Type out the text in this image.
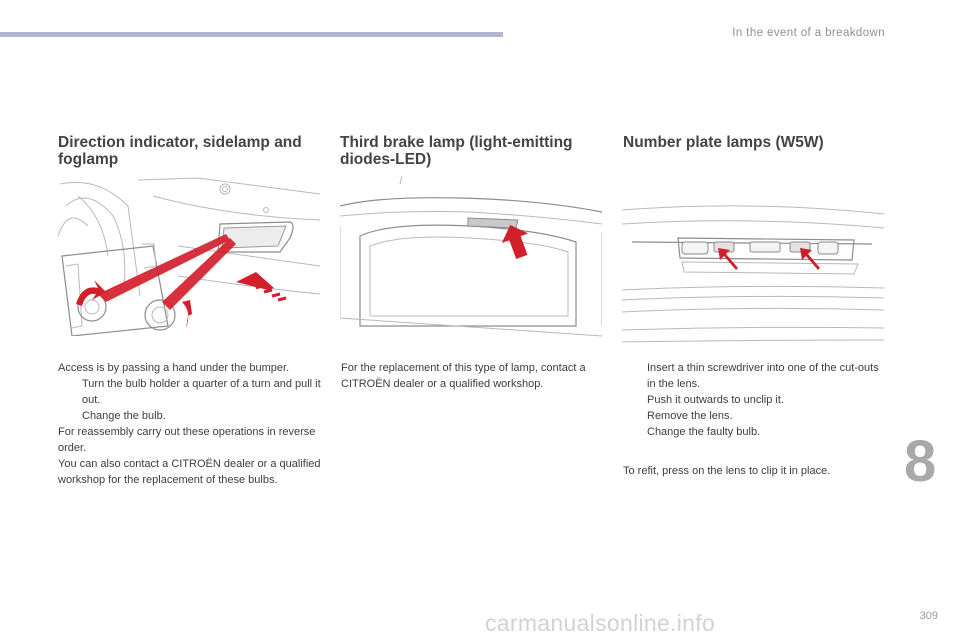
In the event of a breakdown
Direction indicator, sidelamp and foglamp

Access is by passing a hand under the bumper.

Turn the bulb holder a quarter of a turn and pull it out.

Change the bulb.

For reassembly carry out these operations in reverse order.

You can also contact a CITROËN dealer or a qualified workshop for the replacement of these bulbs.

Third brake lamp (light-emitting diodes-LED)

For the replacement of this type of lamp, contact a CITROËN dealer or a qualified workshop.

Number plate lamps (W5W)

Insert a thin screwdriver into one of the cut-outs in the lens.

Push it outwards to unclip it.

Remove the lens.

Change the faulty bulb.

To refit, press on the lens to clip it in place.	8
carmanualsonline.info	309
